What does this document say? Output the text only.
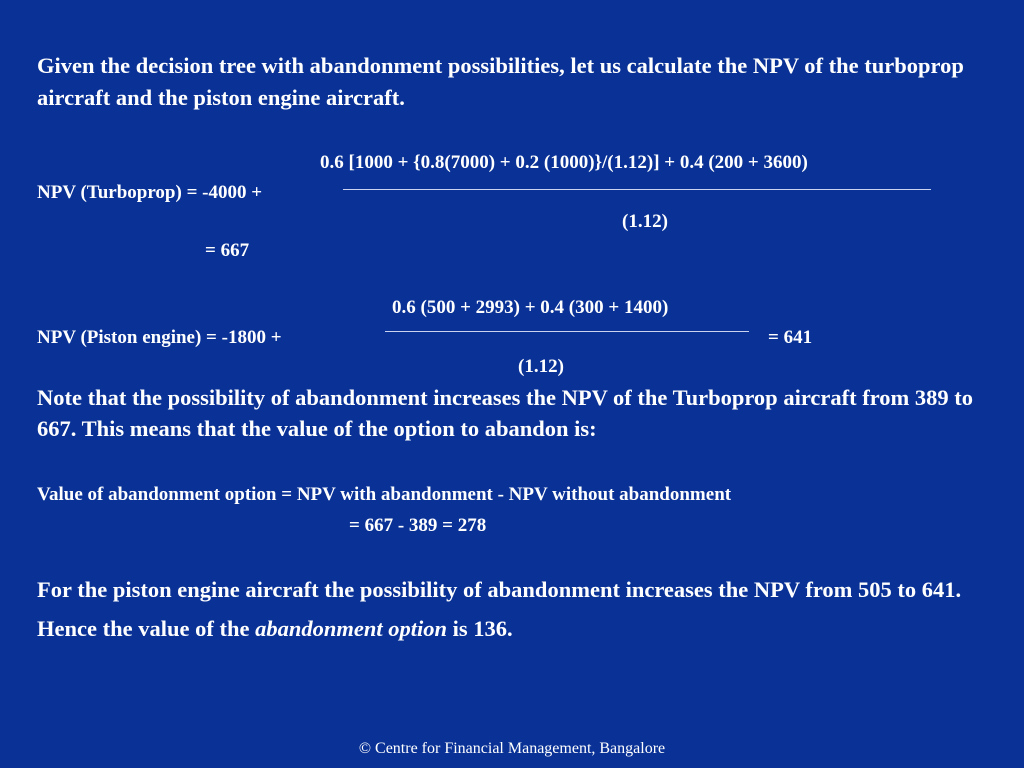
Given the decision tree with abandonment possibilities, let us calculate the NPV of the turboprop aircraft and the piston engine aircraft.
0.6 [1000 + {0.8(7000) + 0.2 (1000)}/(1.12)] + 0.4 (200 + 3600)
NPV (Turboprop) = -4000 +
(1.12)
= 667
0.6 (500 + 2993) + 0.4 (300 + 1400)
NPV (Piston engine) = -1800 +	= 641
(1.12)
Note that the possibility of abandonment increases the NPV of the Turboprop aircraft from 389 to 667. This means that the value of the option to abandon is:
Value of abandonment option = NPV with abandonment - NPV without abandonment
= 667 - 389 = 278
For the piston engine aircraft the possibility of abandonment increases the NPV from 505 to 641. Hence the value of the abandonment option is 136.
© Centre for Financial Management, Bangalore
